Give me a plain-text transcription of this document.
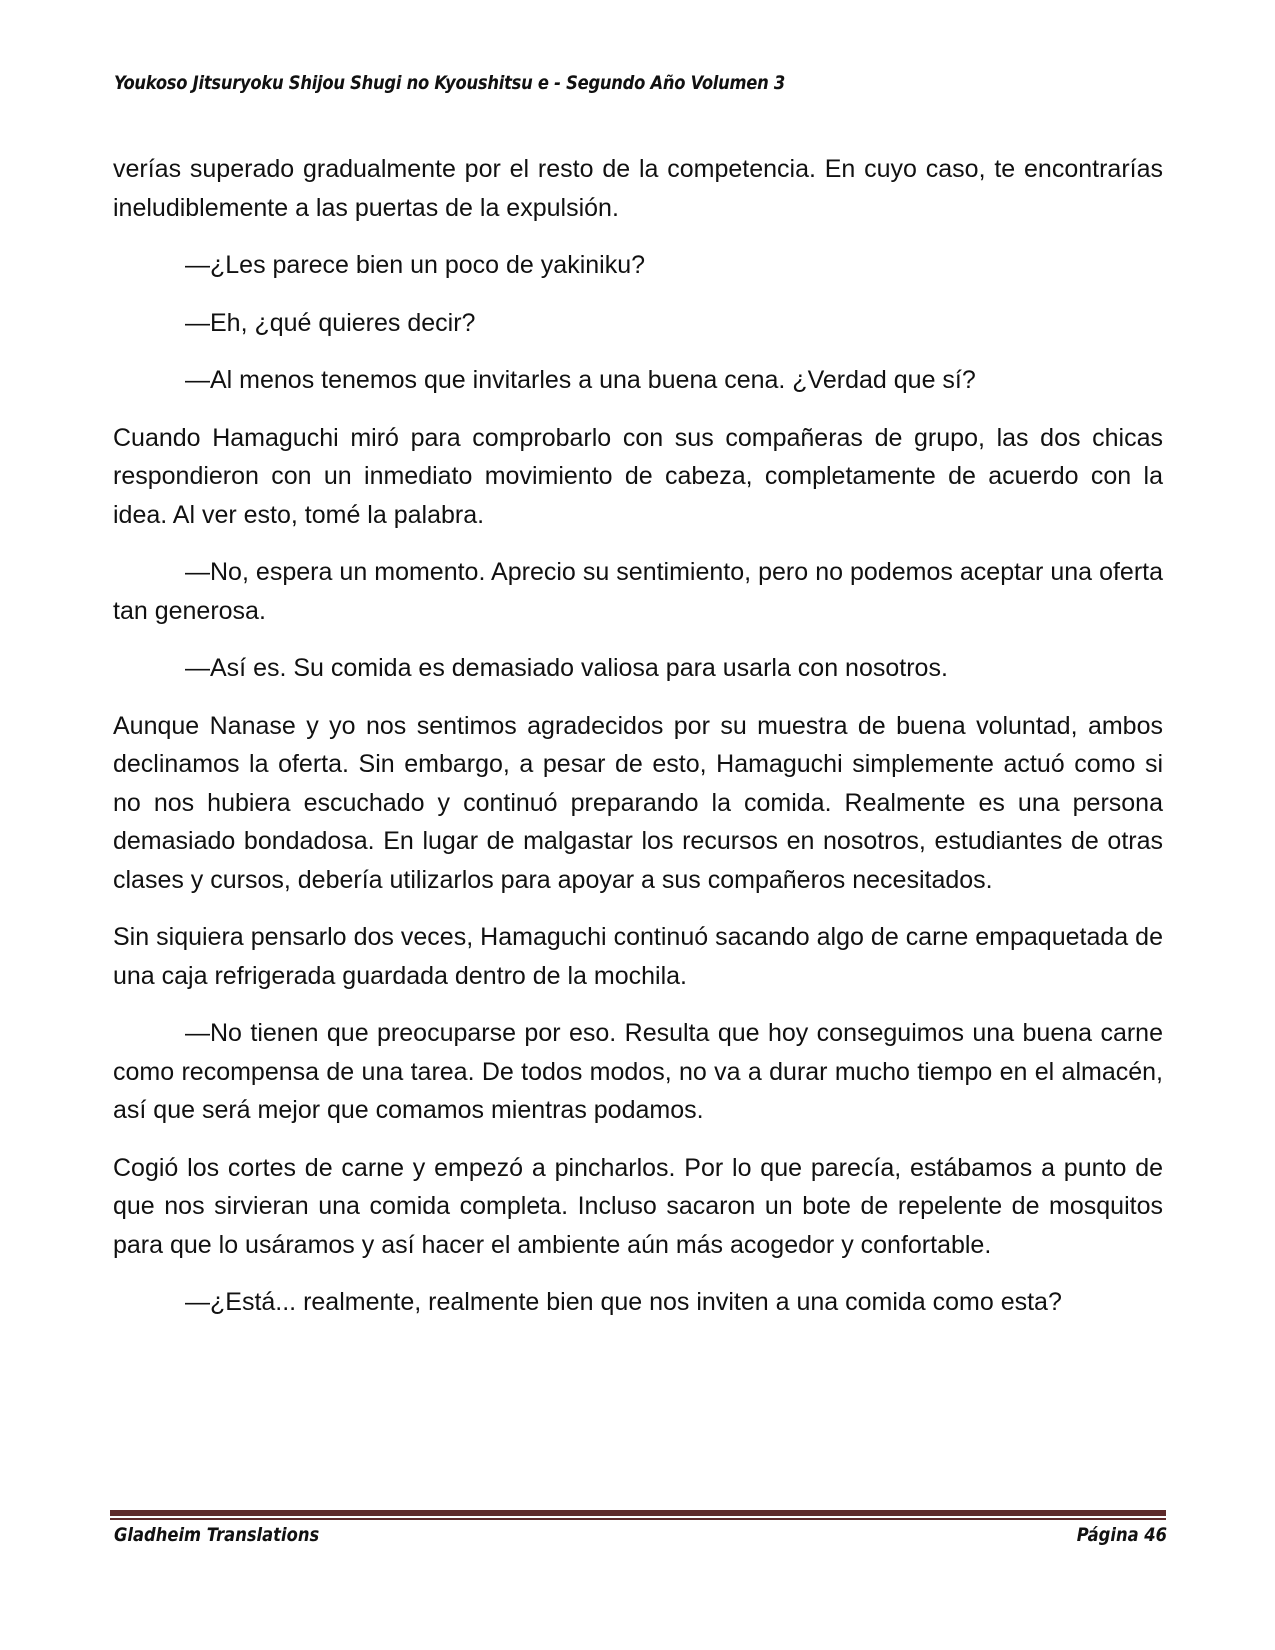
Youkoso Jitsuryoku Shijou Shugi no Kyoushitsu e - Segundo Año Volumen 3

verías superado gradualmente por el resto de la competencia. En cuyo caso, te encontrarías ineludiblemente a las puertas de la expulsión.

—¿Les parece bien un poco de yakiniku?

—Eh, ¿qué quieres decir?

—Al menos tenemos que invitarles a una buena cena. ¿Verdad que sí?

Cuando Hamaguchi miró para comprobarlo con sus compañeras de grupo, las dos chicas respondieron con un inmediato movimiento de cabeza, completamente de acuerdo con la idea. Al ver esto, tomé la palabra.

—No, espera un momento. Aprecio su sentimiento, pero no podemos aceptar una oferta tan generosa.

—Así es. Su comida es demasiado valiosa para usarla con nosotros.

Aunque Nanase y yo nos sentimos agradecidos por su muestra de buena voluntad, ambos declinamos la oferta. Sin embargo, a pesar de esto, Hamaguchi simplemente actuó como si no nos hubiera escuchado y continuó preparando la comida. Realmente es una persona demasiado bondadosa. En lugar de malgastar los recursos en nosotros, estudiantes de otras clases y cursos, debería utilizarlos para apoyar a sus compañeros necesitados.

Sin siquiera pensarlo dos veces, Hamaguchi continuó sacando algo de carne empaquetada de una caja refrigerada guardada dentro de la mochila.

—No tienen que preocuparse por eso. Resulta que hoy conseguimos una buena carne como recompensa de una tarea. De todos modos, no va a durar mucho tiempo en el almacén, así que será mejor que comamos mientras podamos.

Cogió los cortes de carne y empezó a pincharlos. Por lo que parecía, estábamos a punto de que nos sirvieran una comida completa. Incluso sacaron un bote de repelente de mosquitos para que lo usáramos y así hacer el ambiente aún más acogedor y confortable.

—¿Está... realmente, realmente bien que nos inviten a una comida como esta?

Gladheim Translations	Página 46
